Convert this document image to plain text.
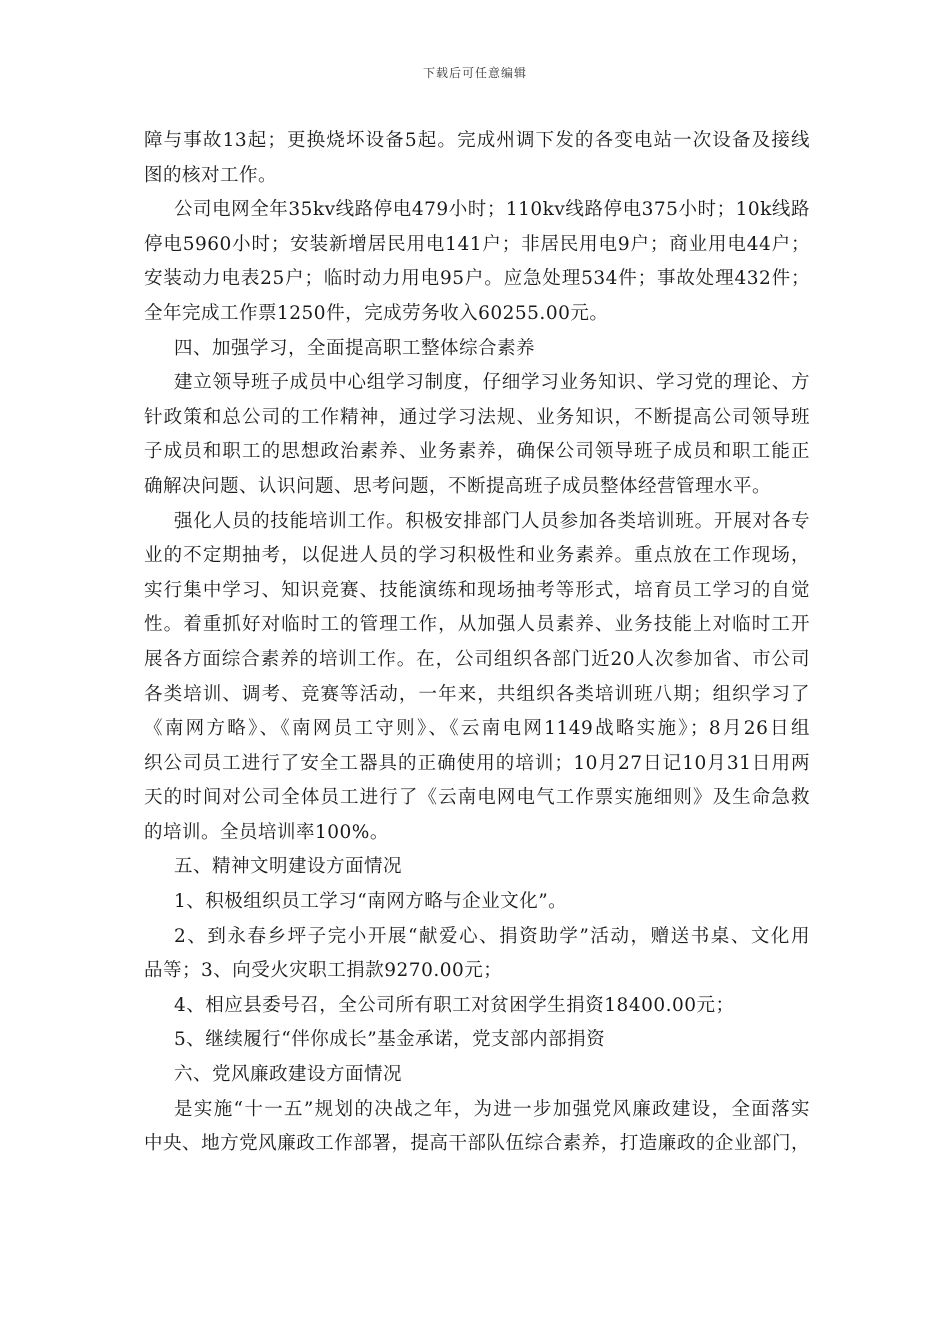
下载后可任意编辑
障与事故13起；更换烧坏设备5起。完成州调下发的各变电站一次设备及接线
图的核对工作。
公司电网全年35kv线路停电479小时；110kv线路停电375小时；10k线路
停电5960小时；安装新增居民用电141户；非居民用电9户；商业用电44户；
安装动力电表25户；临时动力用电95户。应急处理534件；事故处理432件；
全年完成工作票1250件，完成劳务收入60255.00元。
四、加强学习，全面提高职工整体综合素养
建立领导班子成员中心组学习制度，仔细学习业务知识、学习党的理论、方
针政策和总公司的工作精神，通过学习法规、业务知识，不断提高公司领导班
子成员和职工的思想政治素养、业务素养，确保公司领导班子成员和职工能正
确解决问题、认识问题、思考问题，不断提高班子成员整体经营管理水平。
强化人员的技能培训工作。积极安排部门人员参加各类培训班。开展对各专
业的不定期抽考，以促进人员的学习积极性和业务素养。重点放在工作现场，
实行集中学习、知识竞赛、技能演练和现场抽考等形式，培育员工学习的自觉
性。着重抓好对临时工的管理工作，从加强人员素养、业务技能上对临时工开
展各方面综合素养的培训工作。在，公司组织各部门近20人次参加省、市公司
各类培训、调考、竞赛等活动，一年来，共组织各类培训班八期；组织学习了
《南网方略》、《南网员工守则》、《云南电网1149战略实施》；8月26日组
织公司员工进行了安全工器具的正确使用的培训；10月27日记10月31日用两
天的时间对公司全体员工进行了《云南电网电气工作票实施细则》及生命急救
的培训。全员培训率100%。
五、精神文明建设方面情况
1、积极组织员工学习“南网方略与企业文化”。
2、到永春乡坪子完小开展“献爱心、捐资助学”活动，赠送书桌、文化用
品等；3、向受火灾职工捐款9270.00元；
4、相应县委号召，全公司所有职工对贫困学生捐资18400.00元；
5、继续履行“伴你成长”基金承诺，党支部内部捐资
六、党风廉政建设方面情况
是实施“十一五”规划的决战之年，为进一步加强党风廉政建设，全面落实
中央、地方党风廉政工作部署，提高干部队伍综合素养，打造廉政的企业部门，
